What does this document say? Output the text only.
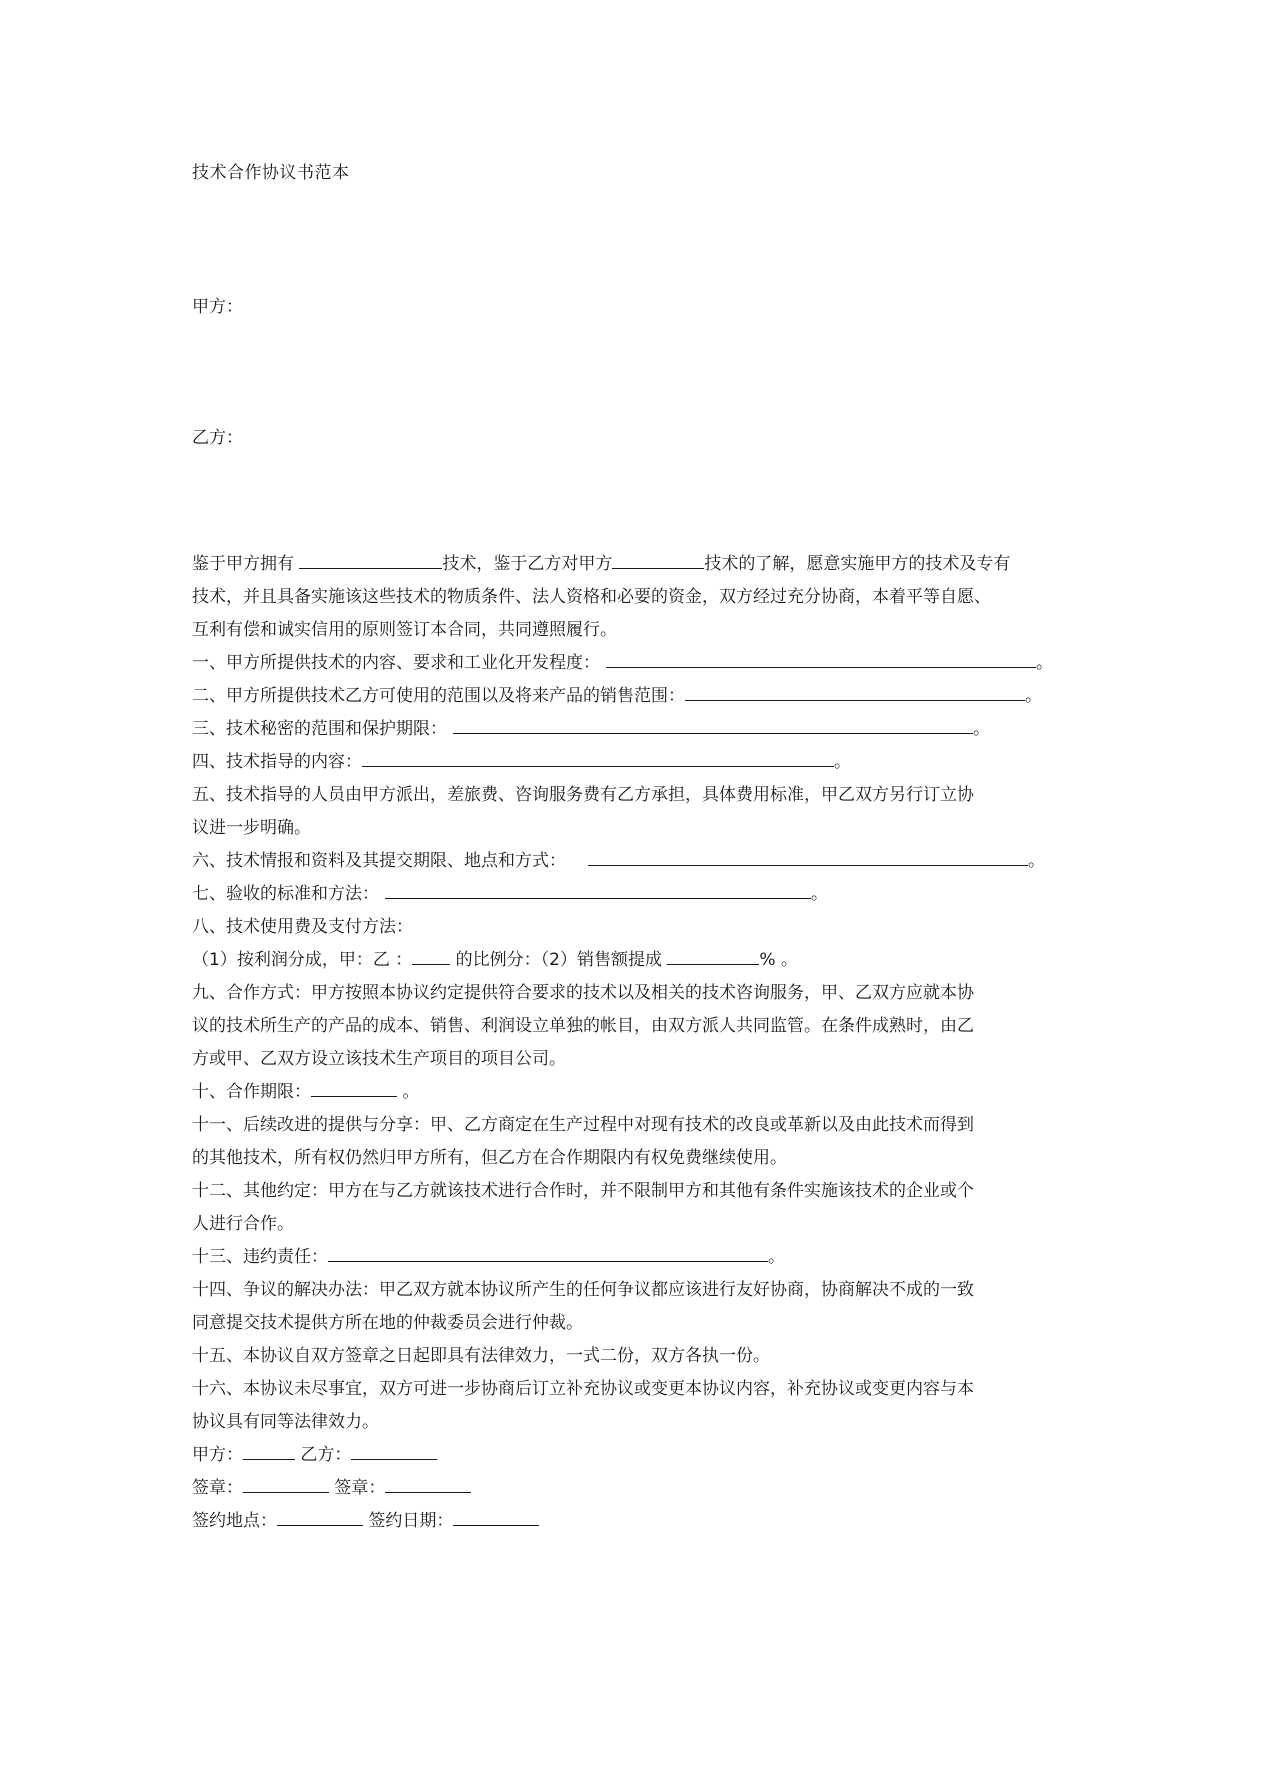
技术合作协议书范本
甲方：
乙方：
鉴于甲方拥有	技术，鉴于乙方对甲方	技术的了解，愿意实施甲方的技术及专有
技术，并且具备实施该这些技术的物质条件、法人资格和必要的资金，双方经过充分协商，本着平等自愿、
互利有偿和诚实信用的原则签订本合同，共同遵照履行。
一、甲方所提供技术的内容、要求和工业化开发程度：	。
二、甲方所提供技术乙方可使用的范围以及将来产品的销售范围：	。
三、技术秘密的范围和保护期限：	。
四、技术指导的内容：	。
五、技术指导的人员由甲方派出，差旅费、咨询服务费有乙方承担，具体费用标准，甲乙双方另行订立协
议进一步明确。
六、技术情报和资料及其提交期限、地点和方式：	。
七、验收的标准和方法：	。
八、技术使用费及支付方法：
（1）按利润分成，甲：乙 ： 的比例分：（2）销售额提成	% 。
九、合作方式：甲方按照本协议约定提供符合要求的技术以及相关的技术咨询服务，甲、乙双方应就本协
议的技术所生产的产品的成本、销售、利润设立单独的帐目，由双方派人共同监管。在条件成熟时，由乙
方或甲、乙双方设立该技术生产项目的项目公司。
十、合作期限：	。
十一、后续改进的提供与分享：甲、乙方商定在生产过程中对现有技术的改良或革新以及由此技术而得到
的其他技术，所有权仍然归甲方所有，但乙方在合作期限内有权免费继续使用。
十二、其他约定：甲方在与乙方就该技术进行合作时，并不限制甲方和其他有条件实施该技术的企业或个
人进行合作。
十三、违约责任：	。
十四、争议的解决办法：甲乙双方就本协议所产生的任何争议都应该进行友好协商，协商解决不成的一致
同意提交技术提供方所在地的仲裁委员会进行仲裁。
十五、本协议自双方签章之日起即具有法律效力，一式二份，双方各执一份。
十六、本协议未尽事宜，双方可进一步协商后订立补充协议或变更本协议内容，补充协议或变更内容与本
协议具有同等法律效力。
甲方：	乙方：
签章：	签章：
签约地点：	签约日期：
